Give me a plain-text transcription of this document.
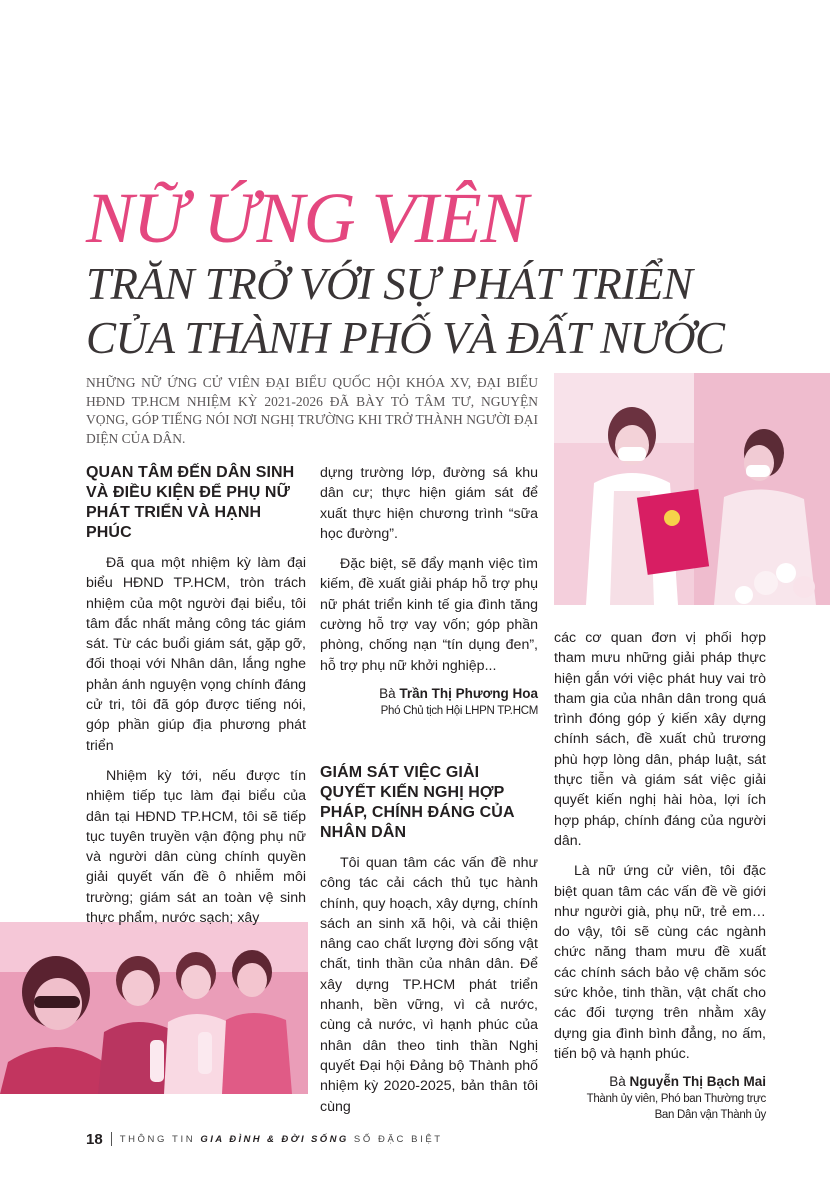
NỮ ỨNG VIÊN
TRĂN TRỞ VỚI SỰ PHÁT TRIỂN
CỦA THÀNH PHỐ VÀ ĐẤT NƯỚC
NHỮNG NỮ ỨNG CỬ VIÊN ĐẠI BIỂU QUỐC HỘI KHÓA XV, ĐẠI BIỂU HĐND TP.HCM NHIỆM KỲ 2021-2026 ĐÃ BÀY TỎ TÂM TƯ, NGUYỆN VỌNG, GÓP TIẾNG NÓI NƠI NGHỊ TRƯỜNG KHI TRỞ THÀNH NGƯỜI ĐẠI DIỆN CỦA DÂN.
QUAN TÂM ĐẾN DÂN SINH VÀ ĐIỀU KIỆN ĐỂ PHỤ NỮ PHÁT TRIỂN VÀ HẠNH PHÚC

Đã qua một nhiệm kỳ làm đại biểu HĐND TP.HCM, tròn trách nhiệm của một người đại biểu, tôi tâm đắc nhất mảng công tác giám sát. Từ các buổi giám sát, gặp gỡ, đối thoại với Nhân dân, lắng nghe phản ánh nguyện vọng chính đáng cử tri, tôi đã góp được tiếng nói, góp phần giúp địa phương phát triển

Nhiệm kỳ tới, nếu được tín nhiệm tiếp tục làm đại biểu của dân tại HĐND TP.HCM, tôi sẽ tiếp tục tuyên truyền vận động phụ nữ và người dân cùng chính quyền giải quyết vấn đề ô nhiễm môi trường; giám sát an toàn vệ sinh thực phẩm, nước sạch; xây

dựng trường lớp, đường sá khu dân cư; thực hiện giám sát để xuất thực hiện chương trình “sữa học đường”.

Đặc biệt, sẽ đẩy mạnh việc tìm kiếm, đề xuất giải pháp hỗ trợ phụ nữ phát triển kinh tế gia đình tăng cường hỗ trợ vay vốn; góp phần phòng, chống nạn “tín dụng đen”, hỗ trợ phụ nữ khởi nghiệp...

Bà Trần Thị Phương Hoa
Phó Chủ tịch Hội LHPN TP.HCM
GIÁM SÁT VIỆC GIẢI QUYẾT KIẾN NGHỊ HỢP PHÁP, CHÍNH ĐÁNG CỦA NHÂN DÂN

Tôi quan tâm các vấn đề như công tác cải cách thủ tục hành chính, quy hoạch, xây dựng, chính sách an sinh xã hội, và cải thiện nâng cao chất lượng đời sống vật chất, tinh thần của nhân dân. Để xây dựng TP.HCM phát triển nhanh, bền vững, vì cả nước, cùng cả nước, vì hạnh phúc của nhân dân theo tinh thần Nghị quyết Đại hội Đảng bộ Thành phố nhiệm kỳ 2020-2025, bản thân tôi cùng

các cơ quan đơn vị phối hợp tham mưu những giải pháp thực hiện gắn với việc phát huy vai trò tham gia của nhân dân trong quá trình đóng góp ý kiến xây dựng chính sách, đề xuất chủ trương phù hợp lòng dân, pháp luật, sát thực tiễn và giám sát việc giải quyết kiến nghị hài hòa, lợi ích hợp pháp, chính đáng của người dân.

Là nữ ứng cử viên, tôi đặc biệt quan tâm các vấn đề về giới như người già, phụ nữ, trẻ em… do vậy, tôi sẽ cùng các ngành chức năng tham mưu đề xuất các chính sách bảo vệ chăm sóc sức khỏe, tinh thần, vật chất cho các đối tượng trên nhằm xây dựng gia đình bình đẳng, no ấm, tiến bộ và hạnh phúc.

Bà Nguyễn Thị Bạch Mai
Thành ủy viên, Phó ban Thường trực
Ban Dân vận Thành ủy
18 THÔNG TIN GIA ĐÌNH & ĐỜI SỐNG SỐ ĐẶC BIỆT
